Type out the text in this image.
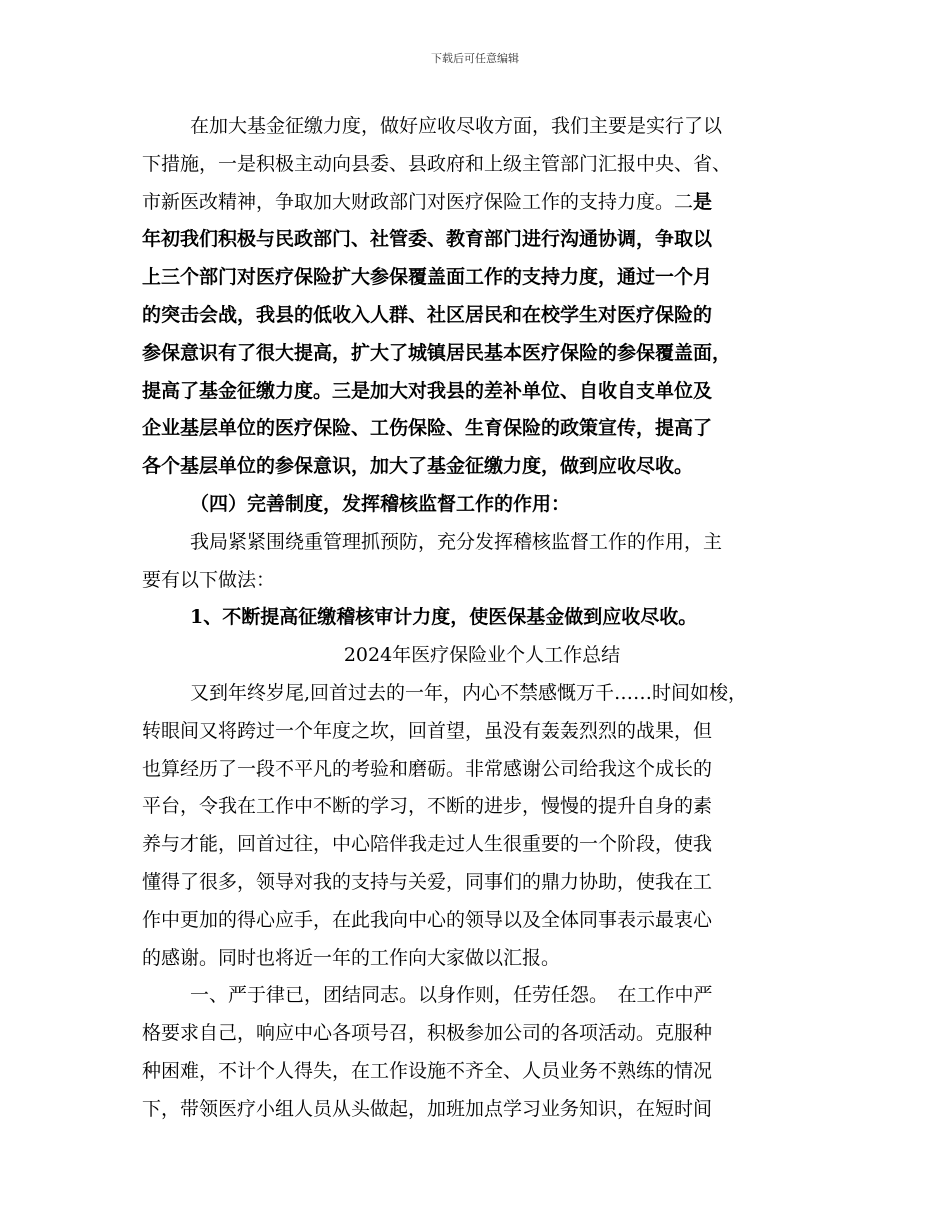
下载后可任意编辑
在加大基金征缴力度，做好应收尽收方面，我们主要是实行了以
下措施，一是积极主动向县委、县政府和上级主管部门汇报中央、省、
市新医改精神，争取加大财政部门对医疗保险工作的支持力度。二是
年初我们积极与民政部门、社管委、教育部门进行沟通协调，争取以
上三个部门对医疗保险扩大参保覆盖面工作的支持力度，通过一个月
的突击会战，我县的低收入人群、社区居民和在校学生对医疗保险的
参保意识有了很大提高，扩大了城镇居民基本医疗保险的参保覆盖面，
提高了基金征缴力度。三是加大对我县的差补单位、自收自支单位及
企业基层单位的医疗保险、工伤保险、生育保险的政策宣传，提高了
各个基层单位的参保意识，加大了基金征缴力度，做到应收尽收。
（四）完善制度，发挥稽核监督工作的作用：
我局紧紧围绕重管理抓预防，充分发挥稽核监督工作的作用，主
要有以下做法：
1、不断提高征缴稽核审计力度，使医保基金做到应收尽收。
2024年医疗保险业个人工作总结
又到年终岁尾,回首过去的一年，内心不禁感慨万千……时间如梭，
转眼间又将跨过一个年度之坎，回首望，虽没有轰轰烈烈的战果，但
也算经历了一段不平凡的考验和磨砺。非常感谢公司给我这个成长的
平台，令我在工作中不断的学习，不断的进步，慢慢的提升自身的素
养与才能，回首过往，中心陪伴我走过人生很重要的一个阶段，使我
懂得了很多，领导对我的支持与关爱，同事们的鼎力协助，使我在工
作中更加的得心应手，在此我向中心的领导以及全体同事表示最衷心
的感谢。同时也将近一年的工作向大家做以汇报。
一、严于律已，团结同志。以身作则，任劳任怨。　在工作中严
格要求自己，响应中心各项号召，积极参加公司的各项活动。克服种
种困难，不计个人得失，在工作设施不齐全、人员业务不熟练的情况
下，带领医疗小组人员从头做起，加班加点学习业务知识，在短时间
